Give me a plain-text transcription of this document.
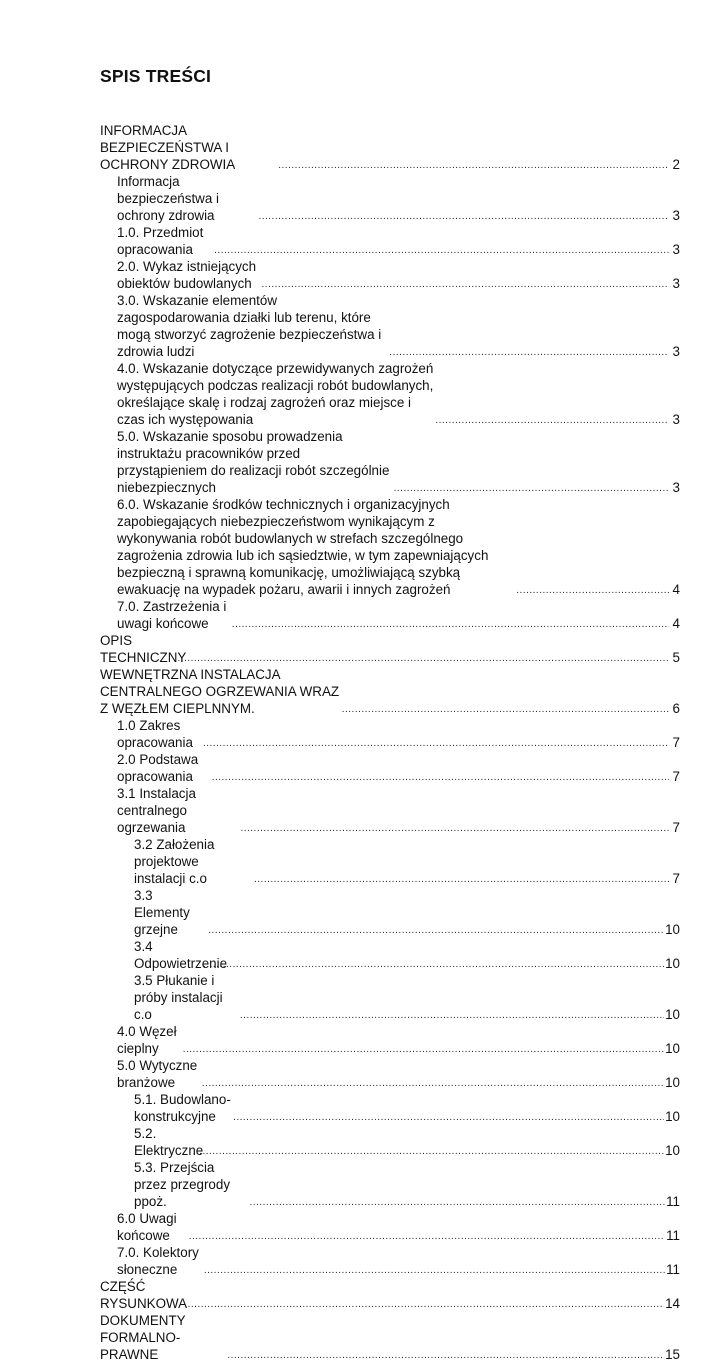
SPIS TREŚCI
INFORMACJA BEZPIECZEŃSTWA I OCHRONY ZDROWIA .....	2
Informacja bezpieczeństwa i ochrony zdrowia .....	3
1.0. Przedmiot opracowania .....	3
2.0. Wykaz istniejących obiektów budowlanych .....	3
3.0. Wskazanie elementów zagospodarowania działki lub terenu, które mogą stworzyć zagrożenie bezpieczeństwa i zdrowia ludzi .....	3
4.0. Wskazanie dotyczące przewidywanych zagrożeń występujących podczas realizacji robót budowlanych, określające skalę i rodzaj zagrożeń oraz miejsce i czas ich występowania .....	3
5.0. Wskazanie sposobu prowadzenia instruktażu pracowników przed przystąpieniem do realizacji robót szczególnie niebezpiecznych .....	3
6.0. Wskazanie środków technicznych i organizacyjnych zapobiegających niebezpieczeństwom wynikającym z wykonywania robót budowlanych w strefach szczególnego zagrożenia zdrowia lub ich sąsiedztwie, w tym zapewniających bezpieczną i sprawną komunikację, umożliwiającą szybką ewakuację na wypadek pożaru, awarii i innych zagrożeń .....	4
7.0. Zastrzeżenia i uwagi końcowe .....	4
OPIS TECHNICZNY .....	5
WEWNĘTRZNA INSTALACJA CENTRALNEGO OGRZEWANIA WRAZ Z WĘZŁEM CIEPLNNYM. .....	6
1.0 Zakres opracowania .....	7
2.0 Podstawa opracowania .....	7
3.1 Instalacja centralnego ogrzewania .....	7
3.2 Założenia projektowe instalacji c.o .....	7
3.3 Elementy grzejne .....	10
3.4 Odpowietrzenie .....	10
3.5 Płukanie i próby instalacji c.o .....	10
4.0 Węzeł cieplny .....	10
5.0 Wytyczne branżowe .....	10
5.1. Budowlano-konstrukcyjne .....	10
5.2. Elektryczne .....	10
5.3. Przejścia przez przegrody ppoż. .....	11
6.0 Uwagi końcowe .....	11
7.0. Kolektory słoneczne .....	11
CZĘŚĆ RYSUNKOWA .....	14
DOKUMENTY FORMALNO-PRAWNE .....	15
